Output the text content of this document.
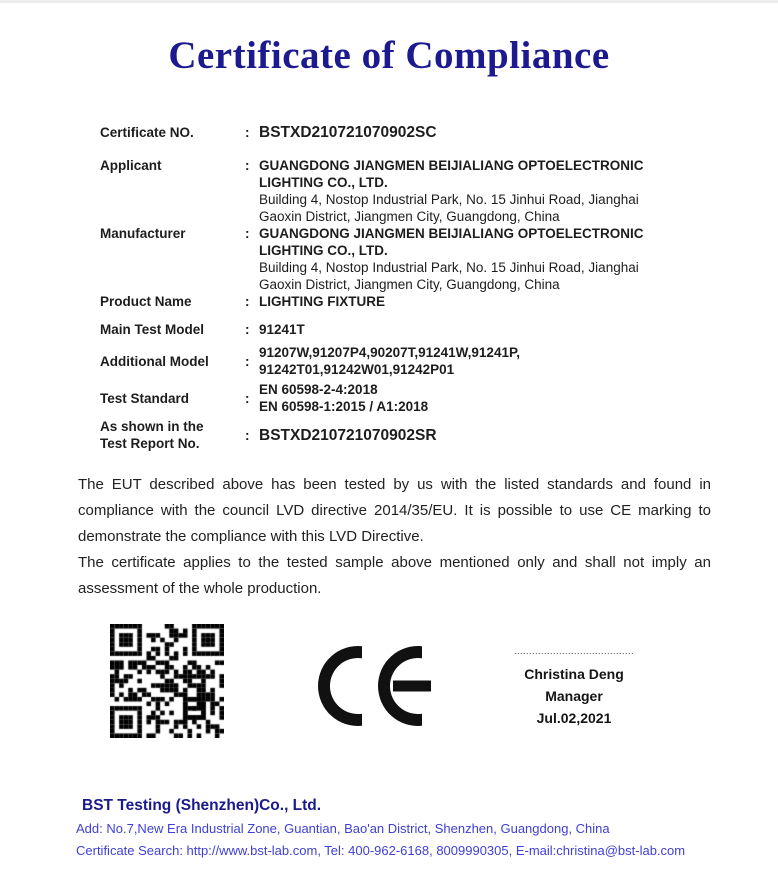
Certificate of Compliance
Certificate NO.	: BSTXD210721070902SC
Applicant	: GUANGDONG JIANGMEN BEIJIALIANG OPTOELECTRONIC
LIGHTING CO., LTD.
Building 4, Nostop Industrial Park, No. 15 Jinhui Road, Jianghai
Gaoxin District, Jiangmen City, Guangdong, China
Manufacturer	: GUANGDONG JIANGMEN BEIJIALIANG OPTOELECTRONIC
LIGHTING CO., LTD.
Building 4, Nostop Industrial Park, No. 15 Jinhui Road, Jianghai
Gaoxin District, Jiangmen City, Guangdong, China
Product Name	: LIGHTING FIXTURE
Main Test Model	: 91241T
Additional Model	:
91207W,91207P4,90207T,91241W,91241P,
91242T01,91242W01,91242P01
Test Standard	:
EN 60598-2-4:2018
EN 60598-1:2015 / A1:2018
As shown in the
Test Report No.
: BSTXD210721070902SR
The EUT described above has been tested by us with the listed standards and found in compliance with the council LVD directive 2014/35/EU. It is possible to use CE marking to demonstrate the compliance with this LVD Directive.
The certificate applies to the tested sample above mentioned only and shall not imply an assessment of the whole production.
........................................
Christina Deng
Manager
Jul.02,2021
BST Testing (Shenzhen)Co., Ltd.
Add: No.7,New Era Industrial Zone, Guantian, Bao'an District, Shenzhen, Guangdong, China
Certificate Search: http://www.bst-lab.com, Tel: 400-962-6168, 8009990305, E-mail:christina@bst-lab.com
